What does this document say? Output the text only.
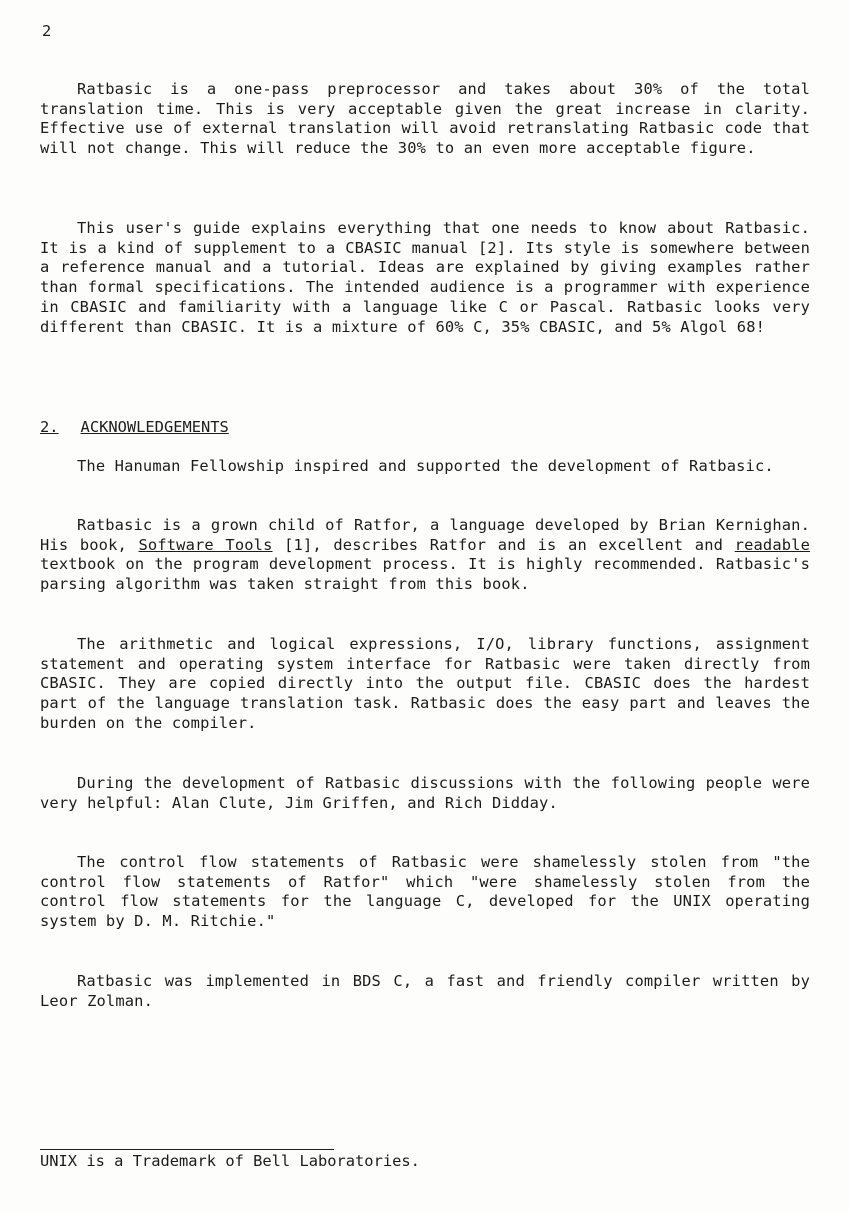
2

Ratbasic is a one-pass preprocessor and takes about 30% of the total translation time. This is very acceptable given the great increase in clarity. Effective use of external translation will avoid retranslating Ratbasic code that will not change. This will reduce the 30% to an even more acceptable figure.

This user's guide explains everything that one needs to know about Ratbasic. It is a kind of supplement to a CBASIC manual [2]. Its style is somewhere between a reference manual and a tutorial. Ideas are explained by giving examples rather than formal specifications. The intended audience is a programmer with experience in CBASIC and familiarity with a language like C or Pascal. Ratbasic looks very different than CBASIC. It is a mixture of 60% C, 35% CBASIC, and 5% Algol 68!

2. ACKNOWLEDGEMENTS

The Hanuman Fellowship inspired and supported the development of Ratbasic.

Ratbasic is a grown child of Ratfor, a language developed by Brian Kernighan. His book, Software Tools [1], describes Ratfor and is an excellent and readable textbook on the program development process. It is highly recommended. Ratbasic's parsing algorithm was taken straight from this book.

The arithmetic and logical expressions, I/O, library functions, assignment statement and operating system interface for Ratbasic were taken directly from CBASIC. They are copied directly into the output file. CBASIC does the hardest part of the language translation task. Ratbasic does the easy part and leaves the burden on the compiler.

During the development of Ratbasic discussions with the following people were very helpful: Alan Clute, Jim Griffen, and Rich Didday.

The control flow statements of Ratbasic were shamelessly stolen from "the control flow statements of Ratfor" which "were shamelessly stolen from the control flow statements for the language C, developed for the UNIX operating system by D. M. Ritchie."

Ratbasic was implemented in BDS C, a fast and friendly compiler written by Leor Zolman.

UNIX is a Trademark of Bell Laboratories.
